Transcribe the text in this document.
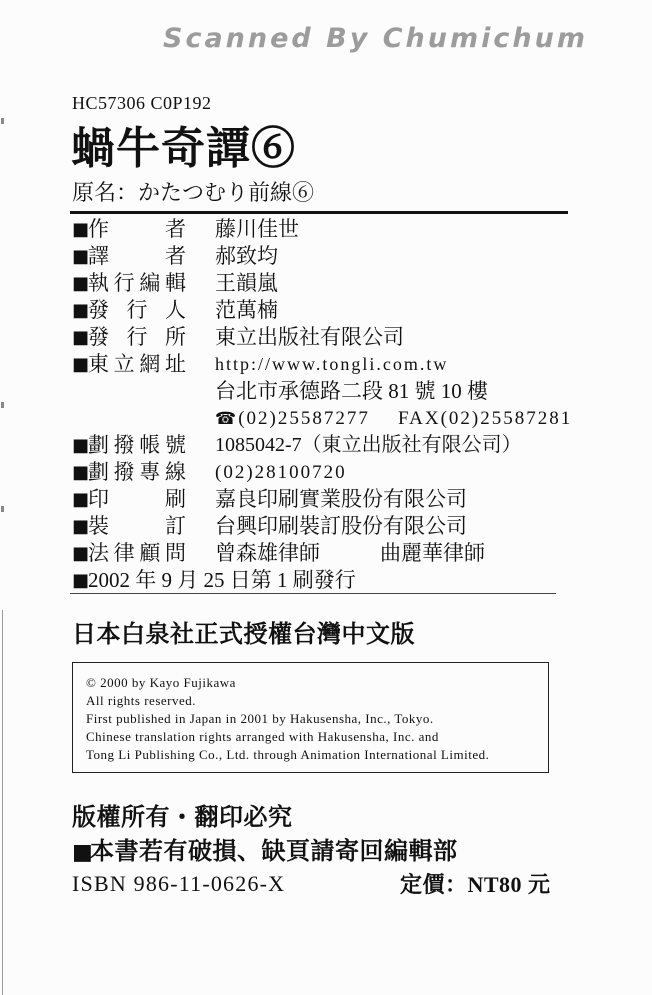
Scanned By Chumichum
HC57306 C0P192
蝸牛奇譚⑥
原名：かたつむり前線⑥
■
作	者 藤川佳世
■
譯	者 郝致均
■
執 行 編 輯 王韻嵐
■
發 行 人 范萬楠
■
發 行 所 東立出版社有限公司
■
東 立 網 址 http://www.tongli.com.tw
台北市承德路二段 81 號 10 樓
☎ (02)25587277 FAX(02)25587281
■
劃 撥 帳 號 1085042-7（東立出版社有限公司）
■
劃 撥 專 線 (02)28100720
■
印	刷 嘉良印刷實業股份有限公司
■
裝	訂 台興印刷裝訂股份有限公司
■
法 律 顧 問 曾森雄律師	曲麗華律師
■
2002 年 9 月 25 日第 1 刷發行
日本白泉社正式授權台灣中文版
© 2000 by Kayo Fujikawa
All rights reserved.
First published in Japan in 2001 by Hakusensha, Inc., Tokyo.
Chinese translation rights arranged with Hakusensha, Inc. and
Tong Li Publishing Co., Ltd. through Animation International Limited.
版權所有・翻印必究
■本書若有破損、缺頁請寄回編輯部
ISBN 986-11-0626-X	定價：NT80 元
